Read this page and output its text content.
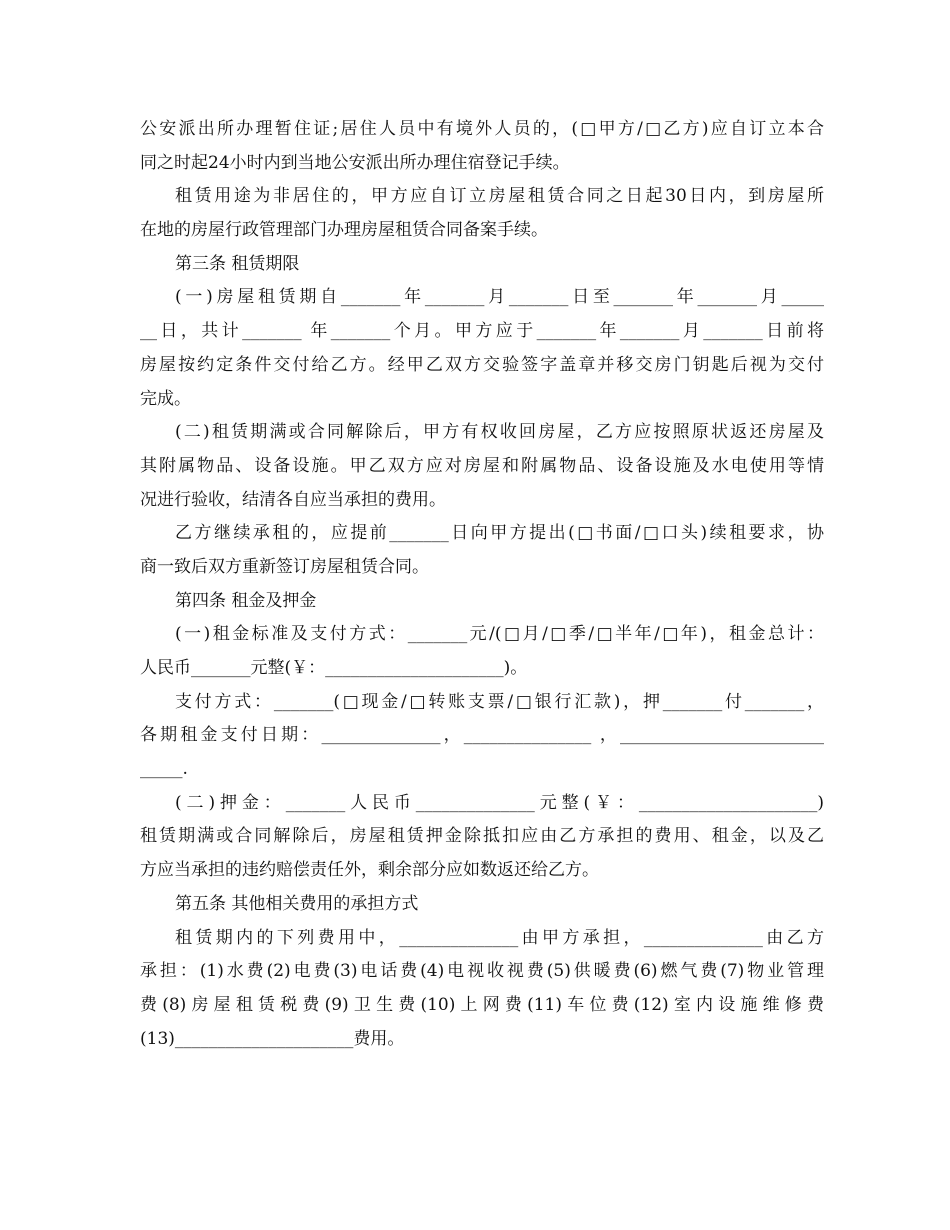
公安派出所办理暂住证;居住人员中有境外人员的，(□甲方/□乙方)应自订立本合
同之时起24小时内到当地公安派出所办理住宿登记手续。
租赁用途为非居住的，甲方应自订立房屋租赁合同之日起30日内，到房屋所
在地的房屋行政管理部门办理房屋租赁合同备案手续。
第三条 租赁期限
(一)房屋租赁期自_______年_______月_______日至_______年_______月_____
__日，共计_______ 年_______个月。甲方应于_______年_______月_______日前将
房屋按约定条件交付给乙方。经甲乙双方交验签字盖章并移交房门钥匙后视为交付
完成。
(二)租赁期满或合同解除后，甲方有权收回房屋，乙方应按照原状返还房屋及
其附属物品、设备设施。甲乙双方应对房屋和附属物品、设备设施及水电使用等情
况进行验收，结清各自应当承担的费用。
乙方继续承租的，应提前_______日向甲方提出(□书面/□口头)续租要求，协
商一致后双方重新签订房屋租赁合同。
第四条 租金及押金
(一)租金标准及支付方式：_______元/(□月/□季/□半年/□年)，租金总计：
人民币_______元整(￥：_____________________)。
支付方式：_______(□现金/□转账支票/□银行汇款)，押_______付_______，
各期租金支付日期：______________，_______________ ，________________________
_____.
(二)押金：_______人民币______________元整(￥：_____________________)
租赁期满或合同解除后，房屋租赁押金除抵扣应由乙方承担的费用、租金，以及乙
方应当承担的违约赔偿责任外，剩余部分应如数返还给乙方。
第五条 其他相关费用的承担方式
租赁期内的下列费用中，______________由甲方承担，______________由乙方
承担：(1)水费(2)电费(3)电话费(4)电视收视费(5)供暖费(6)燃气费(7)物业管理
费(8)房屋租赁税费(9)卫生费(10)上网费(11)车位费(12)室内设施维修费
(13)_____________________费用。
